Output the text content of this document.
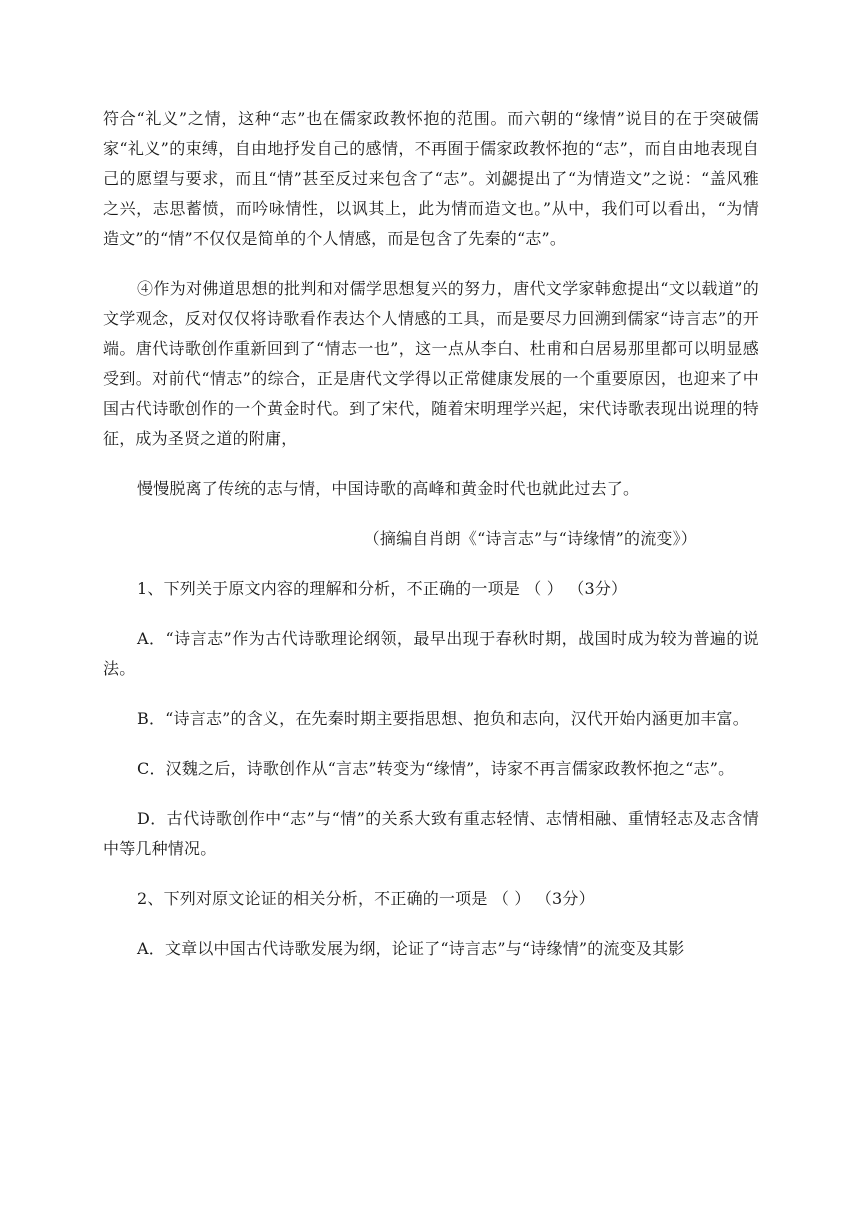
符合“礼义”之情，这种“志”也在儒家政教怀抱的范围。而六朝的“缘情”说目的在于突破儒家“礼义”的束缚，自由地抒发自己的感情，不再囿于儒家政教怀抱的“志”，而自由地表现自己的愿望与要求，而且“情”甚至反过来包含了“志”。刘勰提出了“为情造文”之说：“盖风雅之兴，志思蓄愤，而吟咏情性，以讽其上，此为情而造文也。”从中，我们可以看出，“为情造文”的“情”不仅仅是简单的个人情感，而是包含了先秦的“志”。

④作为对佛道思想的批判和对儒学思想复兴的努力，唐代文学家韩愈提出“文以载道”的文学观念，反对仅仅将诗歌看作表达个人情感的工具，而是要尽力回溯到儒家“诗言志”的开端。唐代诗歌创作重新回到了“情志一也”，这一点从李白、杜甫和白居易那里都可以明显感受到。对前代“情志”的综合，正是唐代文学得以正常健康发展的一个重要原因，也迎来了中国古代诗歌创作的一个黄金时代。到了宋代，随着宋明理学兴起，宋代诗歌表现出说理的特征，成为圣贤之道的附庸，

慢慢脱离了传统的志与情，中国诗歌的高峰和黄金时代也就此过去了。

（摘编自肖朗《“诗言志”与“诗缘情”的流变》）

1、下列关于原文内容的理解和分析，不正确的一项是 （ ） （3分）

A．“诗言志”作为古代诗歌理论纲领，最早出现于春秋时期，战国时成为较为普遍的说法。

B．“诗言志”的含义，在先秦时期主要指思想、抱负和志向，汉代开始内涵更加丰富。

C．汉魏之后，诗歌创作从“言志”转变为“缘情”，诗家不再言儒家政教怀抱之“志”。

D．古代诗歌创作中“志”与“情”的关系大致有重志轻情、志情相融、重情轻志及志含情中等几种情况。

2、下列对原文论证的相关分析，不正确的一项是 （ ） （3分）

A．文章以中国古代诗歌发展为纲，论证了“诗言志”与“诗缘情”的流变及其影
